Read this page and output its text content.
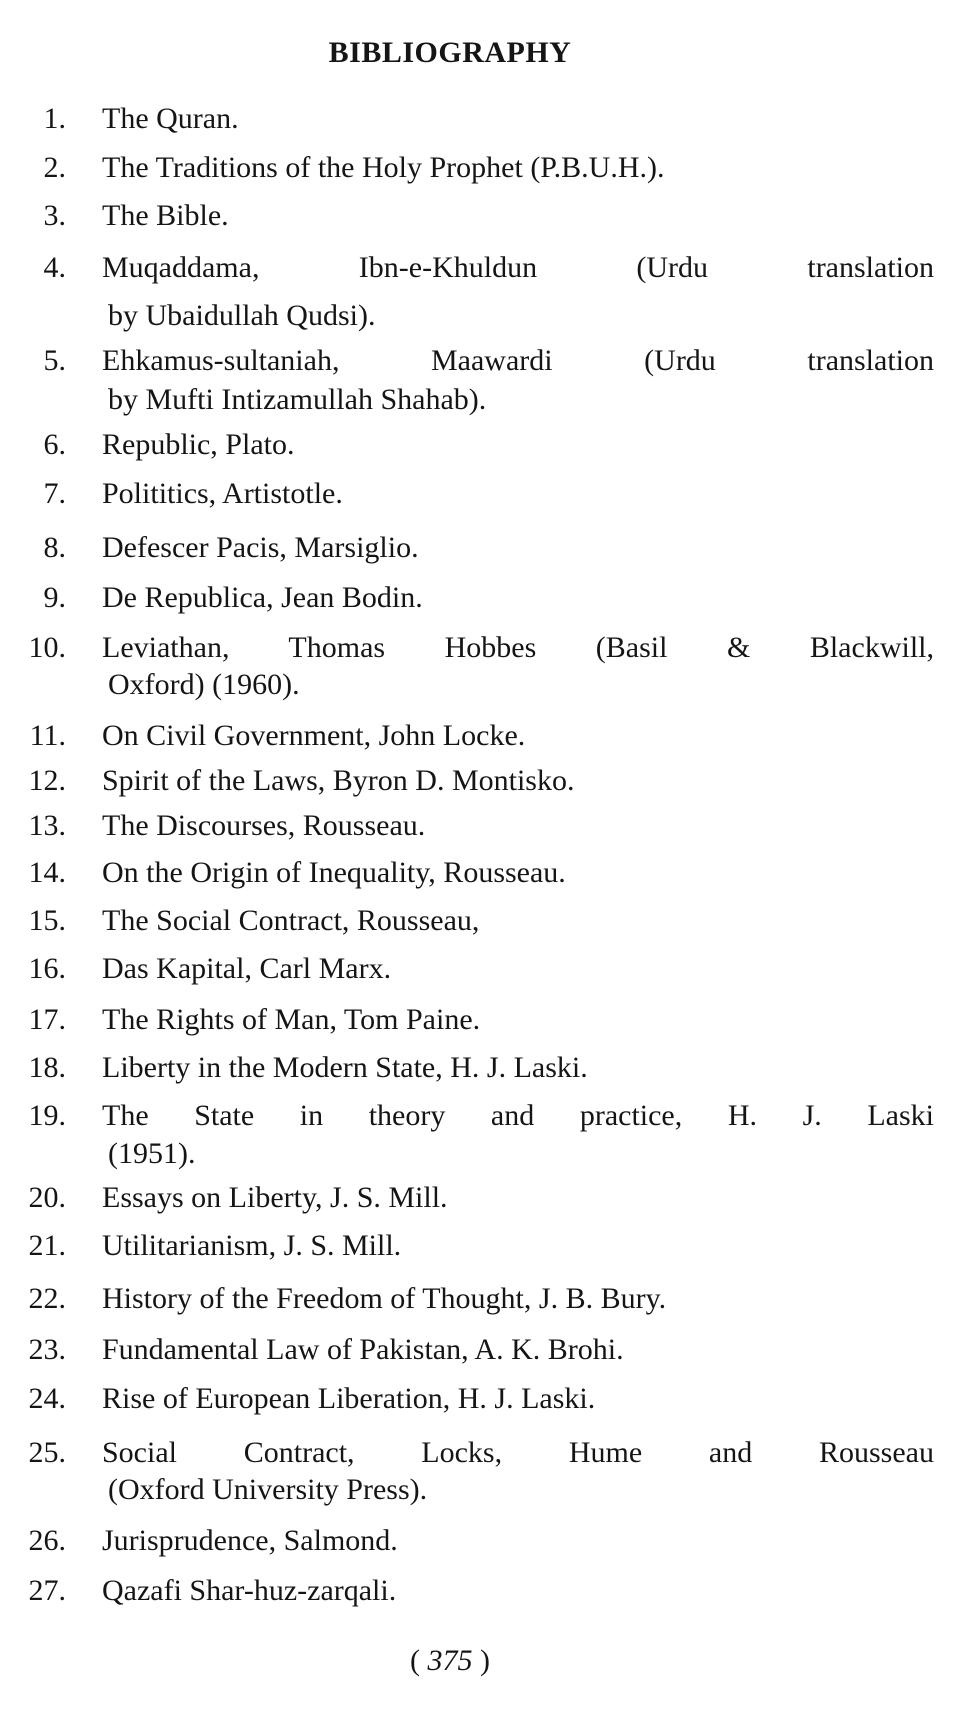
BIBLIOGRAPHY
1. The Quran.
2. The Traditions of the Holy Prophet (P.B.U.H.).
3. The Bible.
4. Muqaddama, Ibn-e-Khuldun (Urdu translation
by Ubaidullah Qudsi).
5. Ehkamus-sultaniah, Maawardi (Urdu translation
by Mufti Intizamullah Shahab).
6. Republic, Plato.
7. Polititics, Artistotle.
8. Defescer Pacis, Marsiglio.
9. De Republica, Jean Bodin.
10. Leviathan, Thomas Hobbes (Basil & Blackwill,
Oxford) (1960).
11. On Civil Government, John Locke.
12. Spirit of the Laws, Byron D. Montisko.
13. The Discourses, Rousseau.
14. On the Origin of Inequality, Rousseau.
15. The Social Contract, Rousseau,
16. Das Kapital, Carl Marx.
17. The Rights of Man, Tom Paine.
18. Liberty in the Modern State, H. J. Laski.
19. The State in theory and practice, H. J. Laski
(1951).
20. Essays on Liberty, J. S. Mill.
21. Utilitarianism, J. S. Mill.
22. History of the Freedom of Thought, J. B. Bury.
23. Fundamental Law of Pakistan, A. K. Brohi.
24. Rise of European Liberation, H. J. Laski.
25. Social Contract, Locks, Hume and Rousseau
(Oxford University Press).
26. Jurisprudence, Salmond.
27. Qazafi Shar-huz-zarqali.
( 375 )
